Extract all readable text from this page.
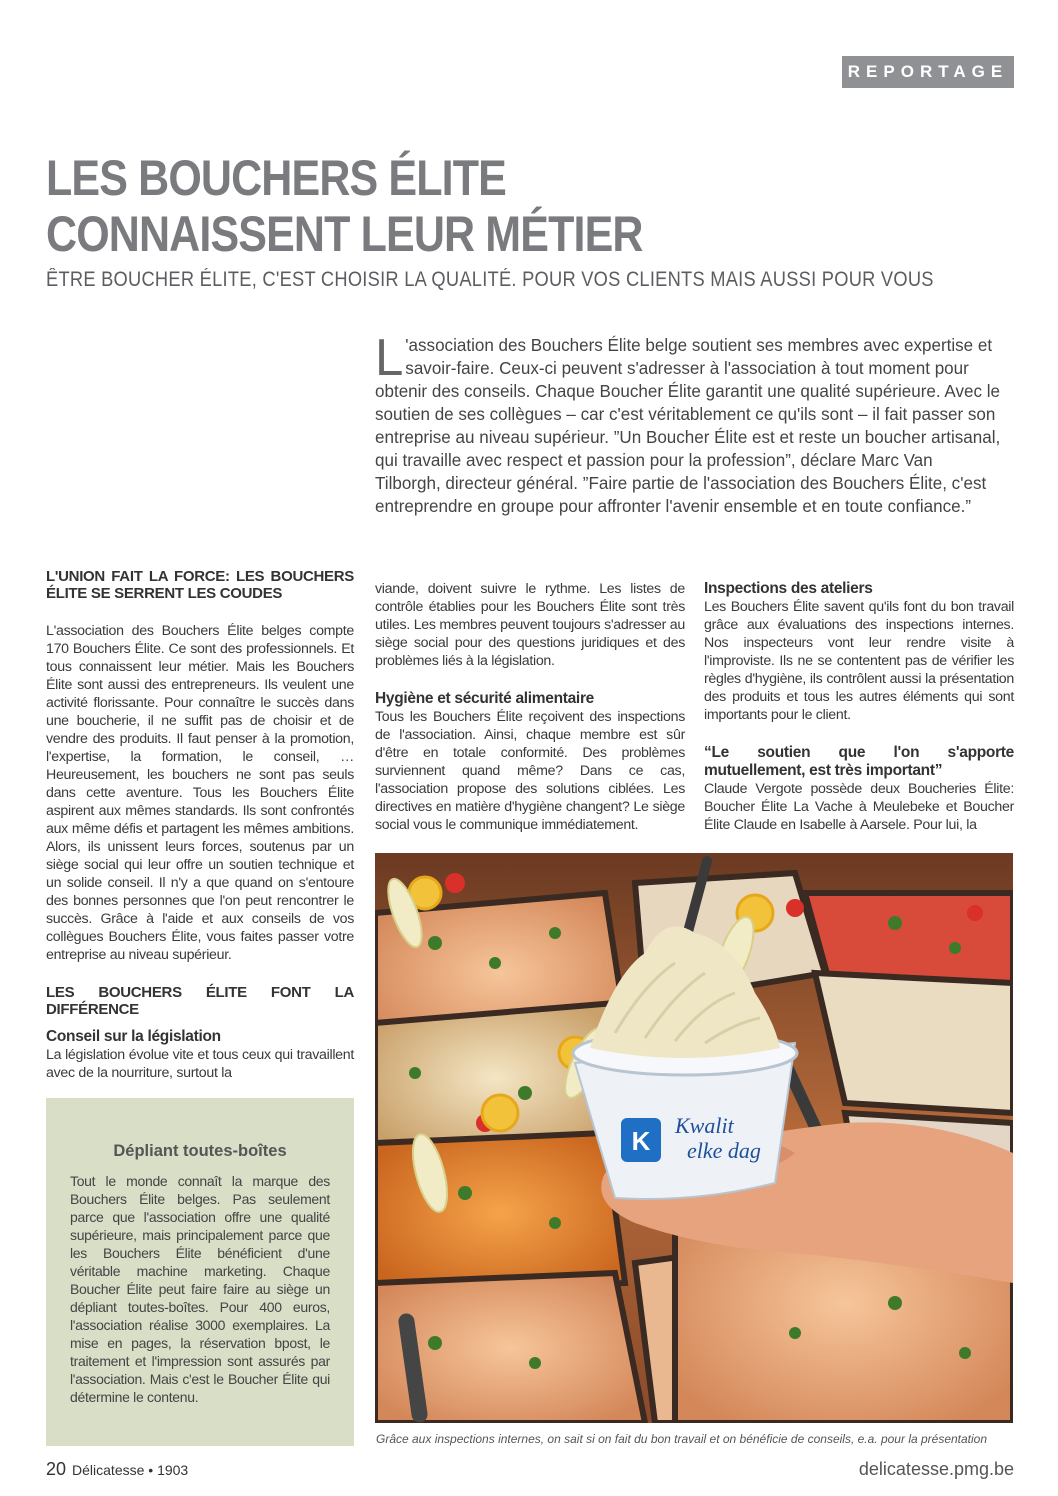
REPORTAGE
LES BOUCHERS ÉLITE
CONNAISSENT LEUR MÉTIER
ÊTRE BOUCHER ÉLITE, C'EST CHOISIR LA QUALITÉ. POUR VOS CLIENTS MAIS AUSSI POUR VOUS
L 'association des Bouchers Élite belge soutient ses membres avec expertise et savoir-faire. Ceux-ci peuvent s'adresser à l'association à tout moment pour obtenir des conseils. Chaque Boucher Élite garantit une qualité supérieure. Avec le soutien de ses collègues – car c'est véritablement ce qu'ils sont – il fait passer son entreprise au niveau supérieur. ”Un Boucher Élite est et reste un boucher artisanal, qui travaille avec respect et passion pour la profession”, déclare Marc Van Tilborgh, directeur général. ”Faire partie de l'association des Bouchers Élite, c'est entreprendre en groupe pour affronter l'avenir ensemble et en toute confiance.”
L'UNION FAIT LA FORCE: LES BOUCHERS ÉLITE SE SERRENT LES COUDES

L'association des Bouchers Élite belges compte 170 Bouchers Élite. Ce sont des professionnels. Et tous connaissent leur métier. Mais les Bouchers Élite sont aussi des entrepreneurs. Ils veulent une activité florissante. Pour connaître le succès dans une boucherie, il ne suffit pas de choisir et de vendre des produits. Il faut penser à la promotion, l'expertise, la formation, le conseil, … Heureusement, les bouchers ne sont pas seuls dans cette aventure. Tous les Bouchers Élite aspirent aux mêmes standards. Ils sont confrontés aux même défis et partagent les mêmes ambitions. Alors, ils unissent leurs forces, soutenus par un siège social qui leur offre un soutien technique et un solide conseil. Il n'y a que quand on s'entoure des bonnes personnes que l'on peut rencontrer le succès. Grâce à l'aide et aux conseils de vos collègues Bouchers Élite, vous faites passer votre entreprise au niveau supérieur.

LES BOUCHERS ÉLITE FONT LA DIFFÉRENCE
Conseil sur la législation

La législation évolue vite et tous ceux qui travaillent avec de la nourriture, surtout la

viande, doivent suivre le rythme. Les listes de contrôle établies pour les Bouchers Élite sont très utiles. Les membres peuvent toujours s'adresser au siège social pour des questions juridiques et des problèmes liés à la législation.

Hygiène et sécurité alimentaire

Tous les Bouchers Élite reçoivent des inspections de l'association. Ainsi, chaque membre est sûr d'être en totale conformité. Des problèmes surviennent quand même? Dans ce cas, l'association propose des solutions ciblées. Les directives en matière d'hygiène changent? Le siège social vous le communique immédiatement.

Inspections des ateliers

Les Bouchers Élite savent qu'ils font du bon travail grâce aux évaluations des inspections internes. Nos inspecteurs vont leur rendre visite à l'improviste. Ils ne se contentent pas de vérifier les règles d'hygiène, ils contrôlent aussi la présentation des produits et tous les autres éléments qui sont importants pour le client.

“Le soutien que l'on s'apporte mutuellement, est très important”

Claude Vergote possède deux Boucheries Élite: Boucher Élite La Vache à Meulebeke et Boucher Élite Claude en Isabelle à Aarsele. Pour lui, la

Dépliant toutes-boîtes
Tout le monde connaît la marque des Bouchers Élite belges. Pas seulement parce que l'association offre une qualité supérieure, mais principalement parce que les Bouchers Élite bénéficient d'une véritable machine marketing. Chaque Boucher Élite peut faire faire au siège un dépliant toutes-boîtes. Pour 400 euros, l'association réalise 3000 exemplaires. La mise en pages, la réservation bpost, le traitement et l'impression sont assurés par l'association. Mais c'est le Boucher Élite qui détermine le contenu.
K
Kwalit
elke dag
Grâce aux inspections internes, on sait si on fait du bon travail et on bénéficie de conseils, e.a. pour la présentation
20 Délicatesse • 1903	delicatesse.pmg.be
